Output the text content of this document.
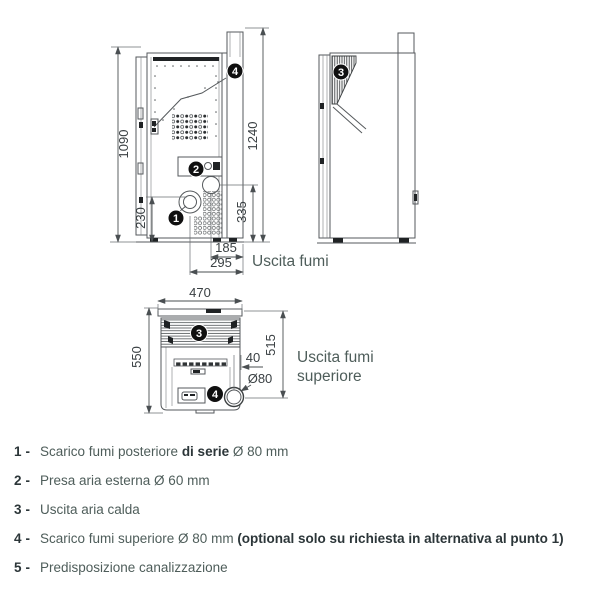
4
2
1
1090
230
1240
335
185
295 Uscita fumi
3
3
4
470
550
515
40
Ø80
Uscita fumi
superiore
1 - Scarico fumi posteriore di serie Ø 80 mm
2 - Presa aria esterna Ø 60 mm
3 - Uscita aria calda
4 - Scarico fumi superiore Ø 80 mm (optional solo su richiesta in alternativa al punto 1)
5 - Predisposizione canalizzazione
